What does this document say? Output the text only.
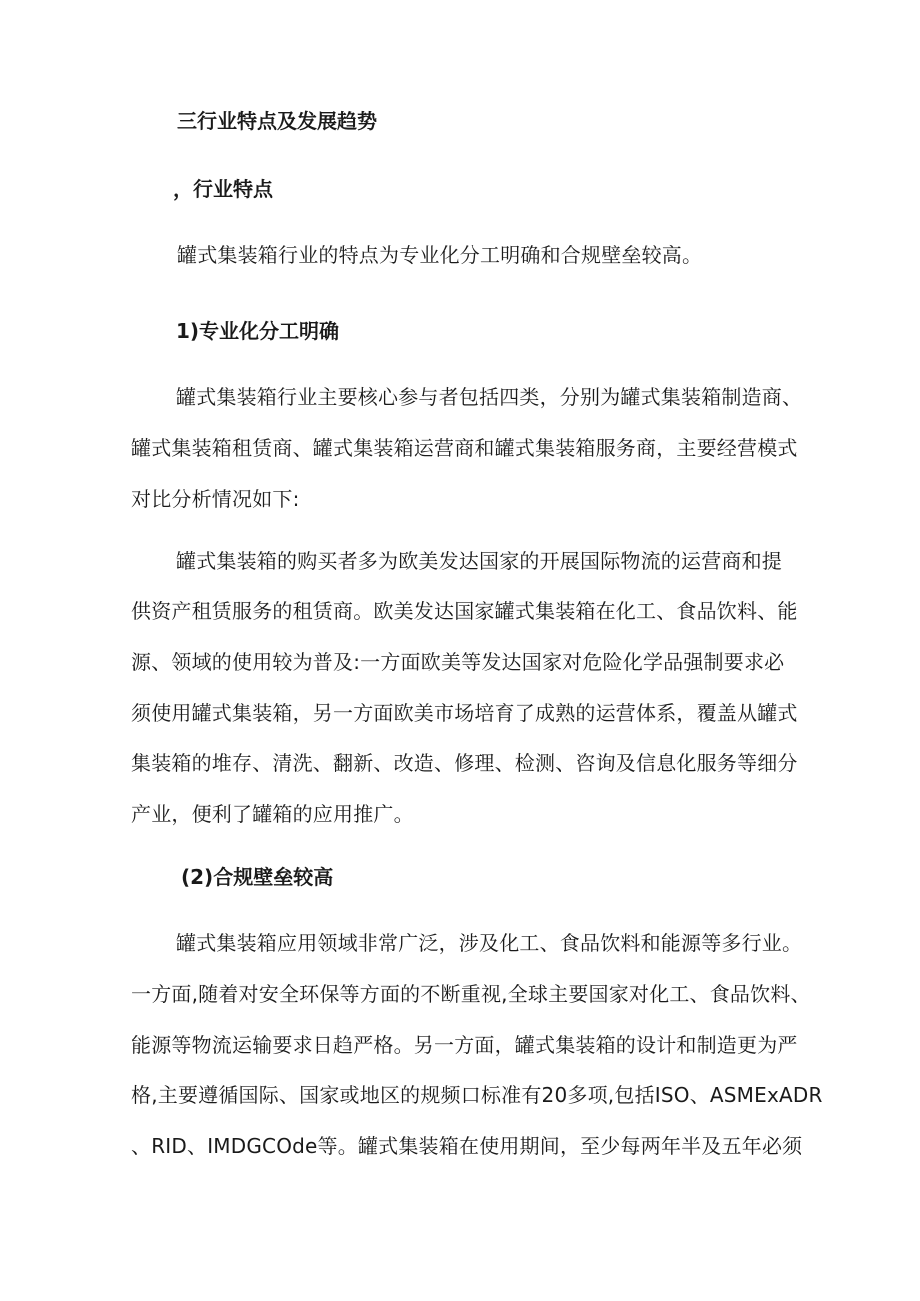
三行业特点及发展趋势

，行业特点

罐式集装箱行业的特点为专业化分工明确和合规壁垒较高。

1)专业化分工明确

罐式集装箱行业主要核心参与者包括四类，分别为罐式集装箱制造商、

罐式集装箱租赁商、罐式集装箱运营商和罐式集装箱服务商，主要经营模式

对比分析情况如下:

罐式集装箱的购买者多为欧美发达国家的开展国际物流的运营商和提

供资产租赁服务的租赁商。欧美发达国家罐式集装箱在化工、食品饮料、能

源、领域的使用较为普及:一方面欧美等发达国家对危险化学品强制要求必

须使用罐式集装箱，另一方面欧美市场培育了成熟的运营体系，覆盖从罐式

集装箱的堆存、清洗、翻新、改造、修理、检测、咨询及信息化服务等细分

产业，便利了罐箱的应用推广。

(2)合规壁垒较高

罐式集装箱应用领域非常广泛，涉及化工、食品饮料和能源等多行业。

一方面,随着对安全环保等方面的不断重视,全球主要国家对化工、食品饮料、

能源等物流运输要求日趋严格。另一方面，罐式集装箱的设计和制造更为严

格,主要遵循国际、国家或地区的规频口标准有20多项,包括ISO、ASMExADR

、RID、IMDGCOde等。罐式集装箱在使用期间，至少每两年半及五年必须
